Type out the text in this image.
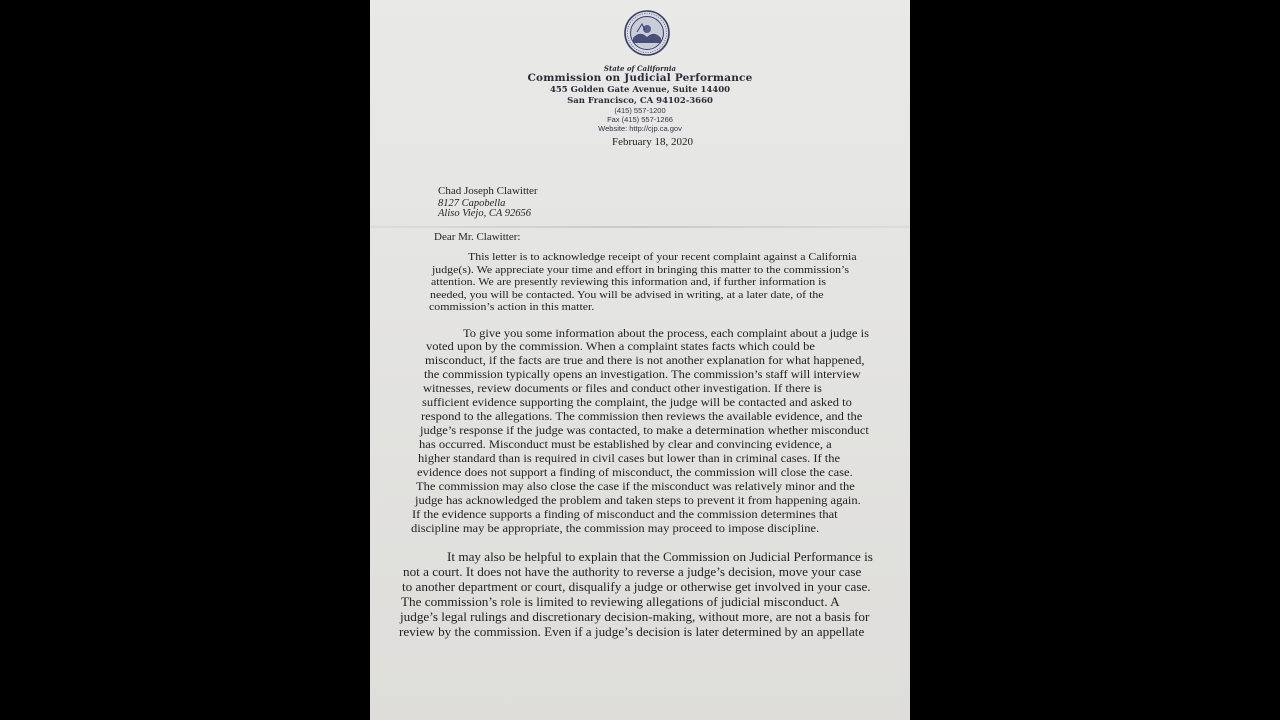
State of California
Commission on Judicial Performance
455 Golden Gate Avenue, Suite 14400
San Francisco, CA 94102-3660
(415) 557-1200
Fax (415) 557-1266
Website: http://cjp.ca.gov
February 18, 2020
Chad Joseph Clawitter
8127 Capobella
Aliso Viejo, CA 92656
Dear Mr. Clawitter:
This letter is to acknowledge receipt of your recent complaint against a California
judge(s). We appreciate your time and effort in bringing this matter to the commission’s
attention. We are presently reviewing this information and, if further information is
needed, you will be contacted. You will be advised in writing, at a later date, of the
commission’s action in this matter.
To give you some information about the process, each complaint about a judge is
voted upon by the commission. When a complaint states facts which could be
misconduct, if the facts are true and there is not another explanation for what happened,
the commission typically opens an investigation. The commission’s staff will interview
witnesses, review documents or files and conduct other investigation. If there is
sufficient evidence supporting the complaint, the judge will be contacted and asked to
respond to the allegations. The commission then reviews the available evidence, and the
judge’s response if the judge was contacted, to make a determination whether misconduct
has occurred. Misconduct must be established by clear and convincing evidence, a
higher standard than is required in civil cases but lower than in criminal cases. If the
evidence does not support a finding of misconduct, the commission will close the case.
The commission may also close the case if the misconduct was relatively minor and the
judge has acknowledged the problem and taken steps to prevent it from happening again.
If the evidence supports a finding of misconduct and the commission determines that
discipline may be appropriate, the commission may proceed to impose discipline.
It may also be helpful to explain that the Commission on Judicial Performance is
not a court. It does not have the authority to reverse a judge’s decision, move your case
to another department or court, disqualify a judge or otherwise get involved in your case.
The commission’s role is limited to reviewing allegations of judicial misconduct. A
judge’s legal rulings and discretionary decision-making, without more, are not a basis for
review by the commission. Even if a judge’s decision is later determined by an appellate
